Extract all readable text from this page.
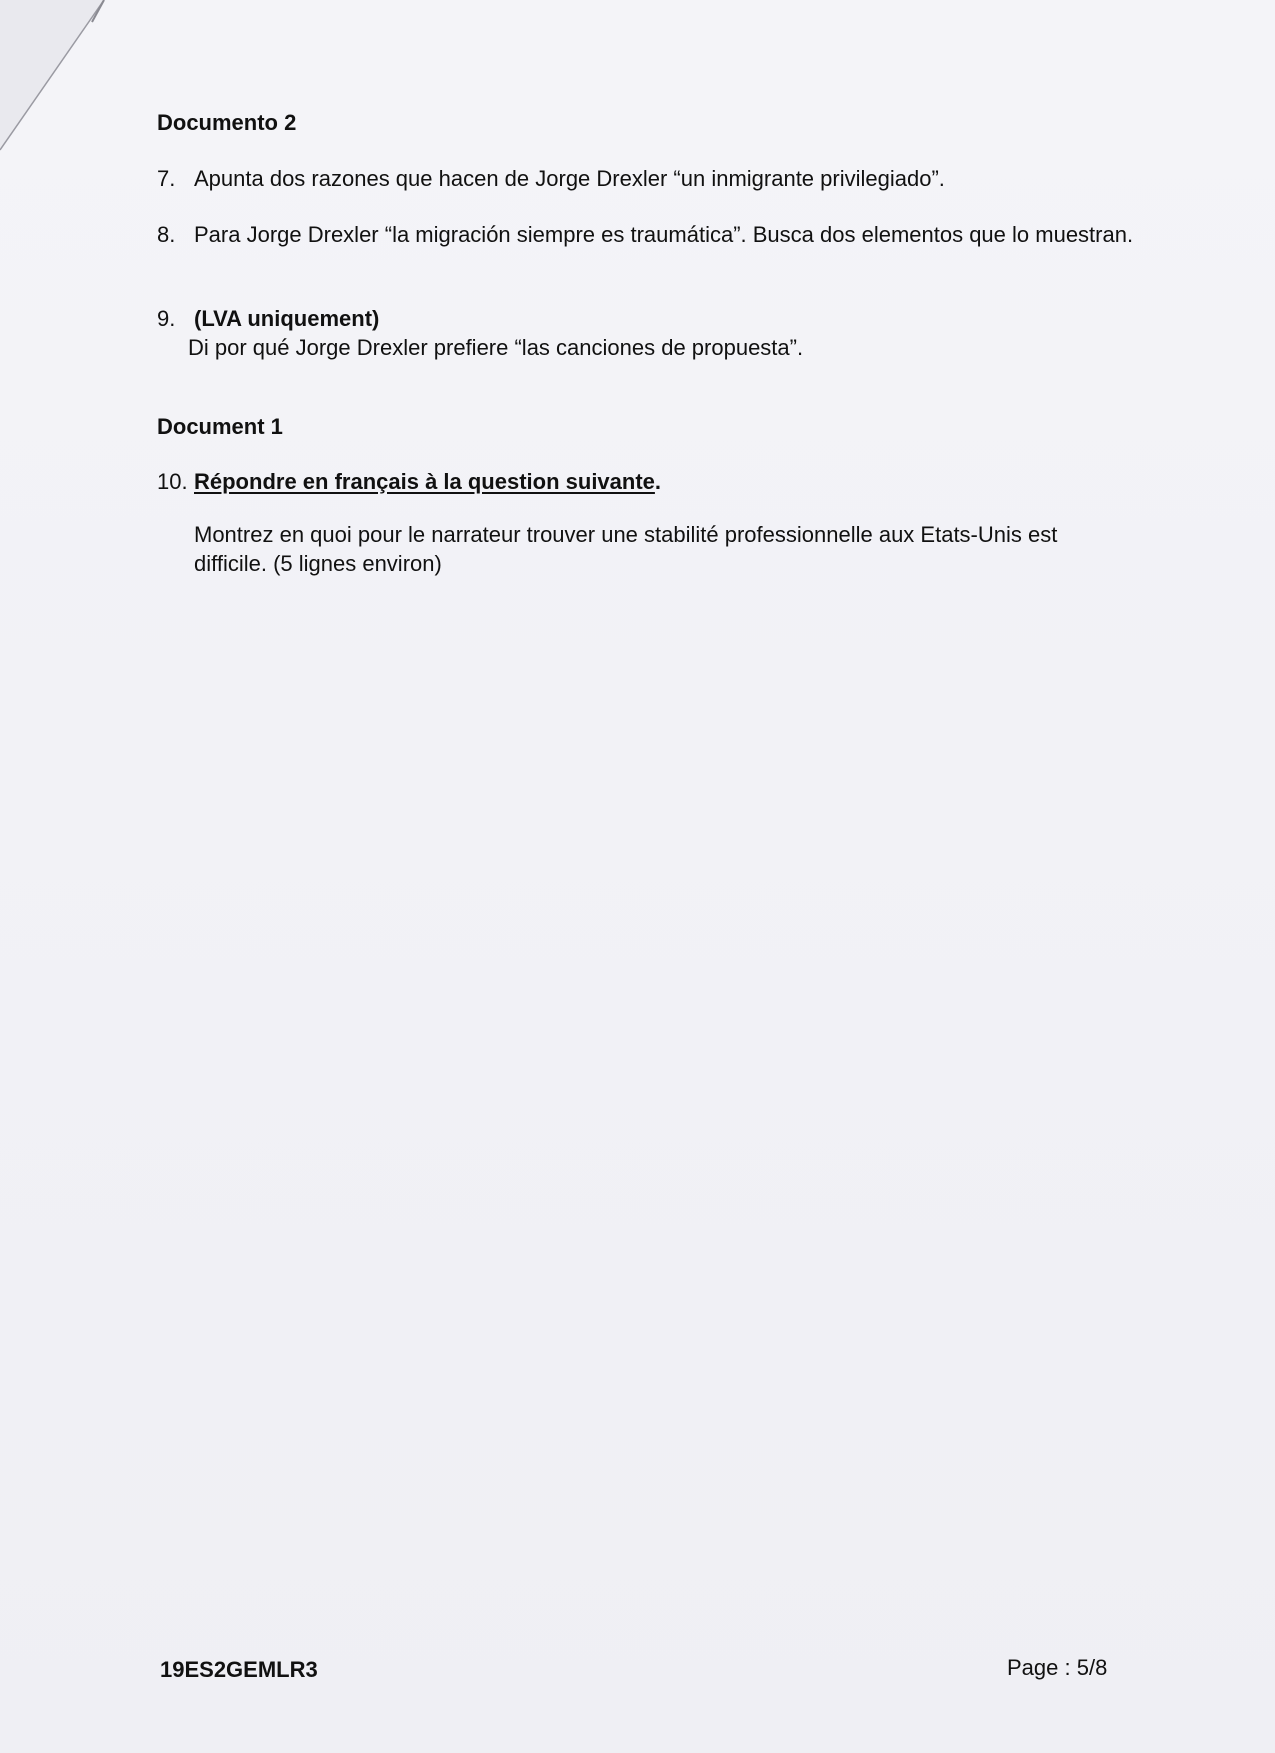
Documento 2
7. Apunta dos razones que hacen de Jorge Drexler “un inmigrante privilegiado”.
8. Para Jorge Drexler “la migración siempre es traumática”. Busca dos elementos que lo muestran.
9. (LVA uniquement)
Di por qué Jorge Drexler prefiere “las canciones de propuesta”.
Document 1
10. Répondre en français à la question suivante.
Montrez en quoi pour le narrateur trouver une stabilité professionnelle aux Etats-Unis est difficile. (5 lignes environ)
19ES2GEMLR3	Page : 5/8
